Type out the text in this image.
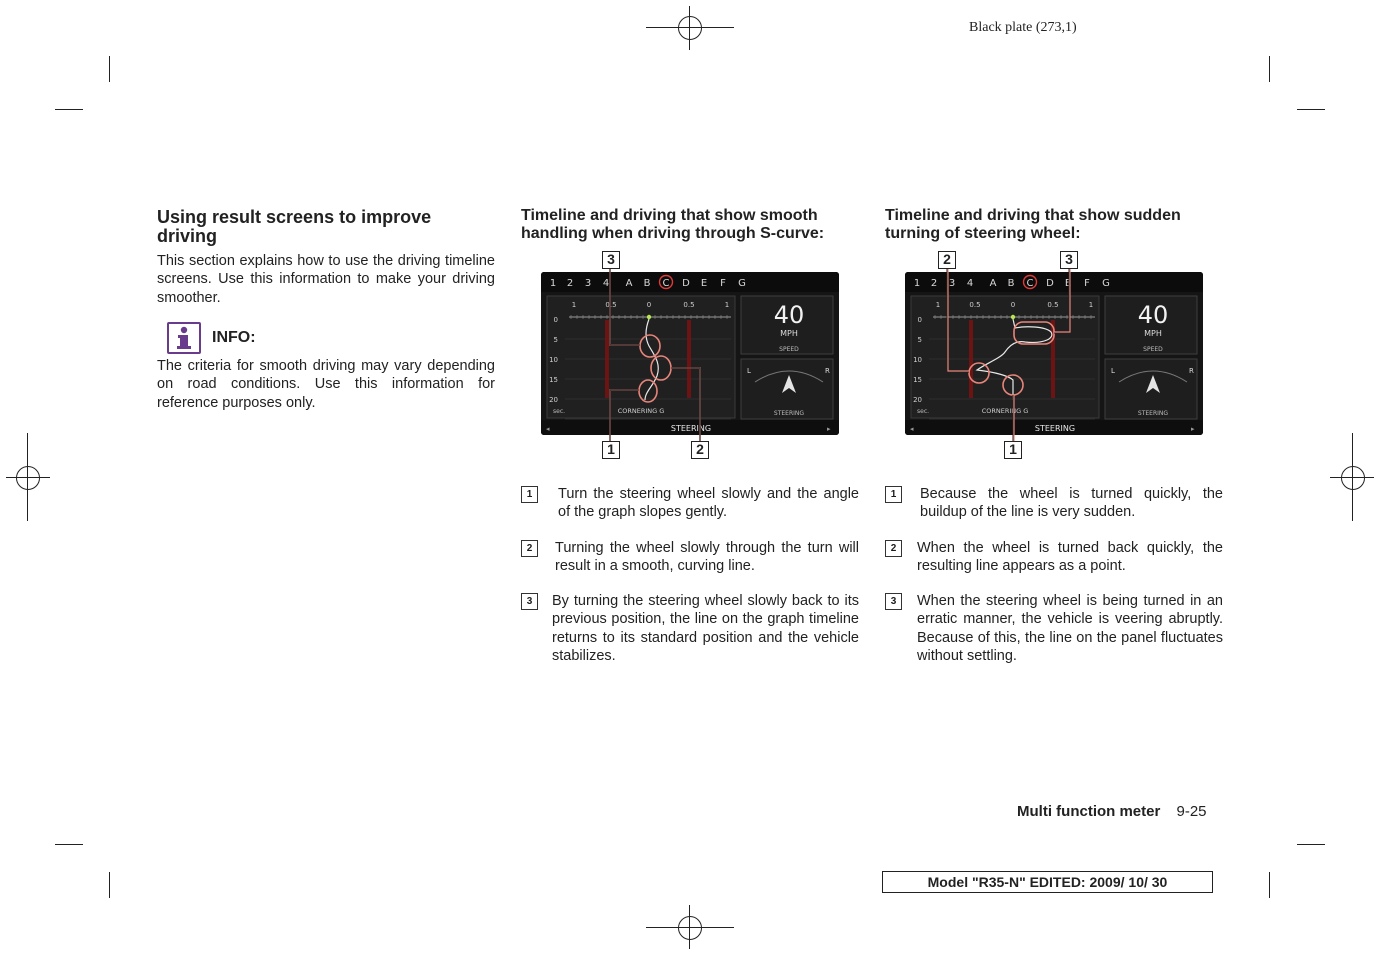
Black plate (273,1)
Using result screens to improve driving

This section explains how to use the driving timeline screens. Use this information to make your driving smoother.

INFO:

The criteria for smooth driving may vary depending on road conditions. Use this information for reference purposes only.

Timeline and driving that show smooth handling when driving through S-curve:
1 2 3 4 A B C D E F G
1	0.5	0	0.5	1
0
5
10
15
20
sec.	CORNERING G
40
MPH
SPEED
L	R
STEERING
STEERING
◂	▸
3
1	2
1	Turn the steering wheel slowly and the angle of the graph slopes gently.

2	Turning the wheel slowly through the turn will result in a smooth, curving line.

3	By turning the steering wheel slowly back to its previous position, the line on the graph timeline returns to its standard position and the vehicle stabilizes.

Timeline and driving that show sudden turning of steering wheel:
1 2 3 4 A B C D E F G
1	0.5	0	0.5	1
0
5
10
15
20
sec.	CORNERING G
40
MPH
SPEED
L	R
STEERING
STEERING
◂	▸
2	3
1
1	Because the wheel is turned quickly, the buildup of the line is very sudden.

2	When the wheel is turned back quickly, the resulting line appears as a point.

3	When the steering wheel is being turned in an erratic manner, the vehicle is veering abruptly. Because of this, the line on the panel fluctuates without settling.

Multi function meter 9-25
Model "R35-N" EDITED: 2009/ 10/ 30
